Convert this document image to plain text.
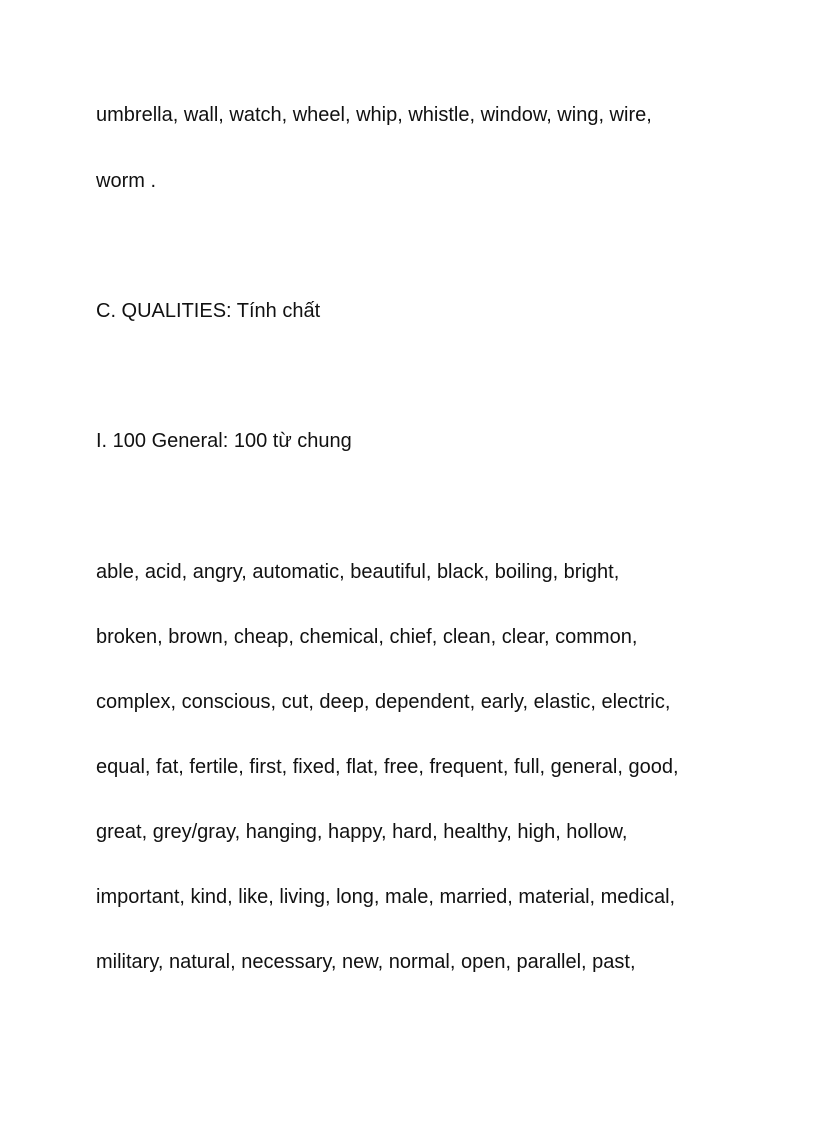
umbrella, wall, watch, wheel, whip, whistle, window, wing, wire,
worm .
C. QUALITIES: Tính chất
I. 100 General: 100 từ chung
able, acid, angry, automatic, beautiful, black, boiling, bright,
broken, brown, cheap, chemical, chief, clean, clear, common,
complex, conscious, cut, deep, dependent, early, elastic, electric,
equal, fat, fertile, first, fixed, flat, free, frequent, full, general, good,
great, grey/gray, hanging, happy, hard, healthy, high, hollow,
important, kind, like, living, long, male, married, material, medical,
military, natural, necessary, new, normal, open, parallel, past,
